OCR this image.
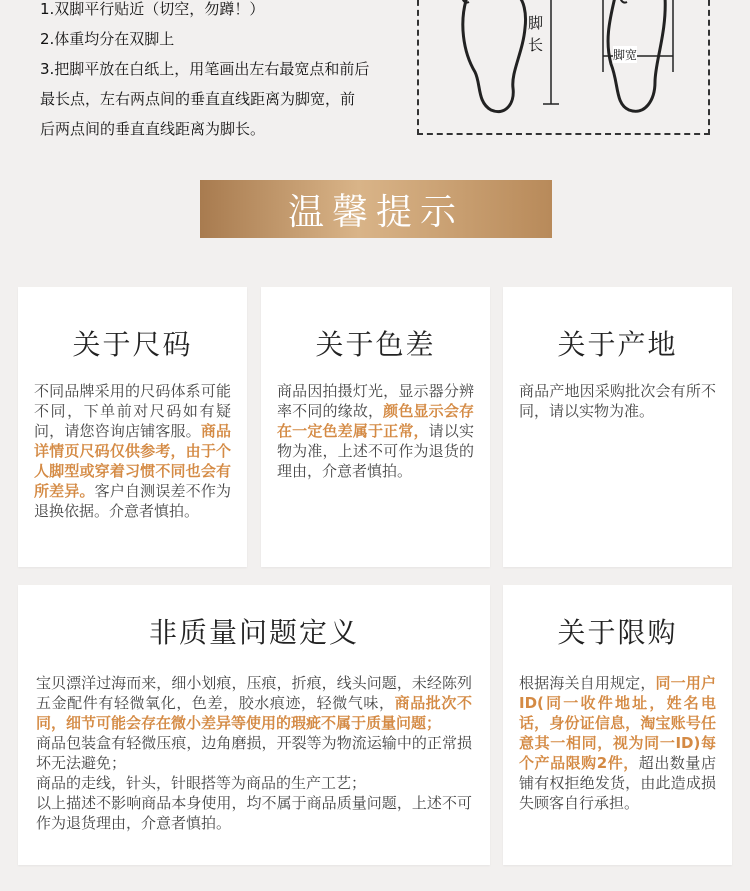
1.双脚平行贴近（切空，勿蹲！）

2.体重均分在双脚上

3.把脚平放在白纸上，用笔画出左右最宽点和前后

最长点，左右两点间的垂直直线距离为脚宽，前

后两点间的垂直直线距离为脚长。

脚
长
脚宽
温馨提示
关于尺码

不同品牌采用的尺码体系可能不同，下单前对尺码如有疑问，请您咨询店铺客服。商品详情页尺码仅供参考，由于个人脚型或穿着习惯不同也会有所差异。客户自测误差不作为退换依据。介意者慎拍。

关于色差

商品因拍摄灯光，显示器分辨率不同的缘故，颜色显示会存在一定色差属于正常，请以实物为准，上述不可作为退货的理由，介意者慎拍。

关于产地

商品产地因采购批次会有所不同，请以实物为准。

非质量问题定义
宝贝漂洋过海而来，细小划痕，压痕，折痕，线头问题，未经陈列五金配件有轻微氧化，色差，胶水痕迹，轻微气味，商品批次不同，细节可能会存在微小差异等使用的瑕疵不属于质量问题；
商品包装盒有轻微压痕，边角磨损，开裂等为物流运输中的正常损坏无法避免；
商品的走线，针头，针眼搭等为商品的生产工艺；
以上描述不影响商品本身使用，均不属于商品质量问题，上述不可作为退货理由，介意者慎拍。
关于限购

根据海关自用规定，同一用户ID(同一收件地址，姓名电话，身份证信息，淘宝账号任意其一相同，视为同一ID)每个产品限购2件，超出数量店铺有权拒绝发货，由此造成损失顾客自行承担。
